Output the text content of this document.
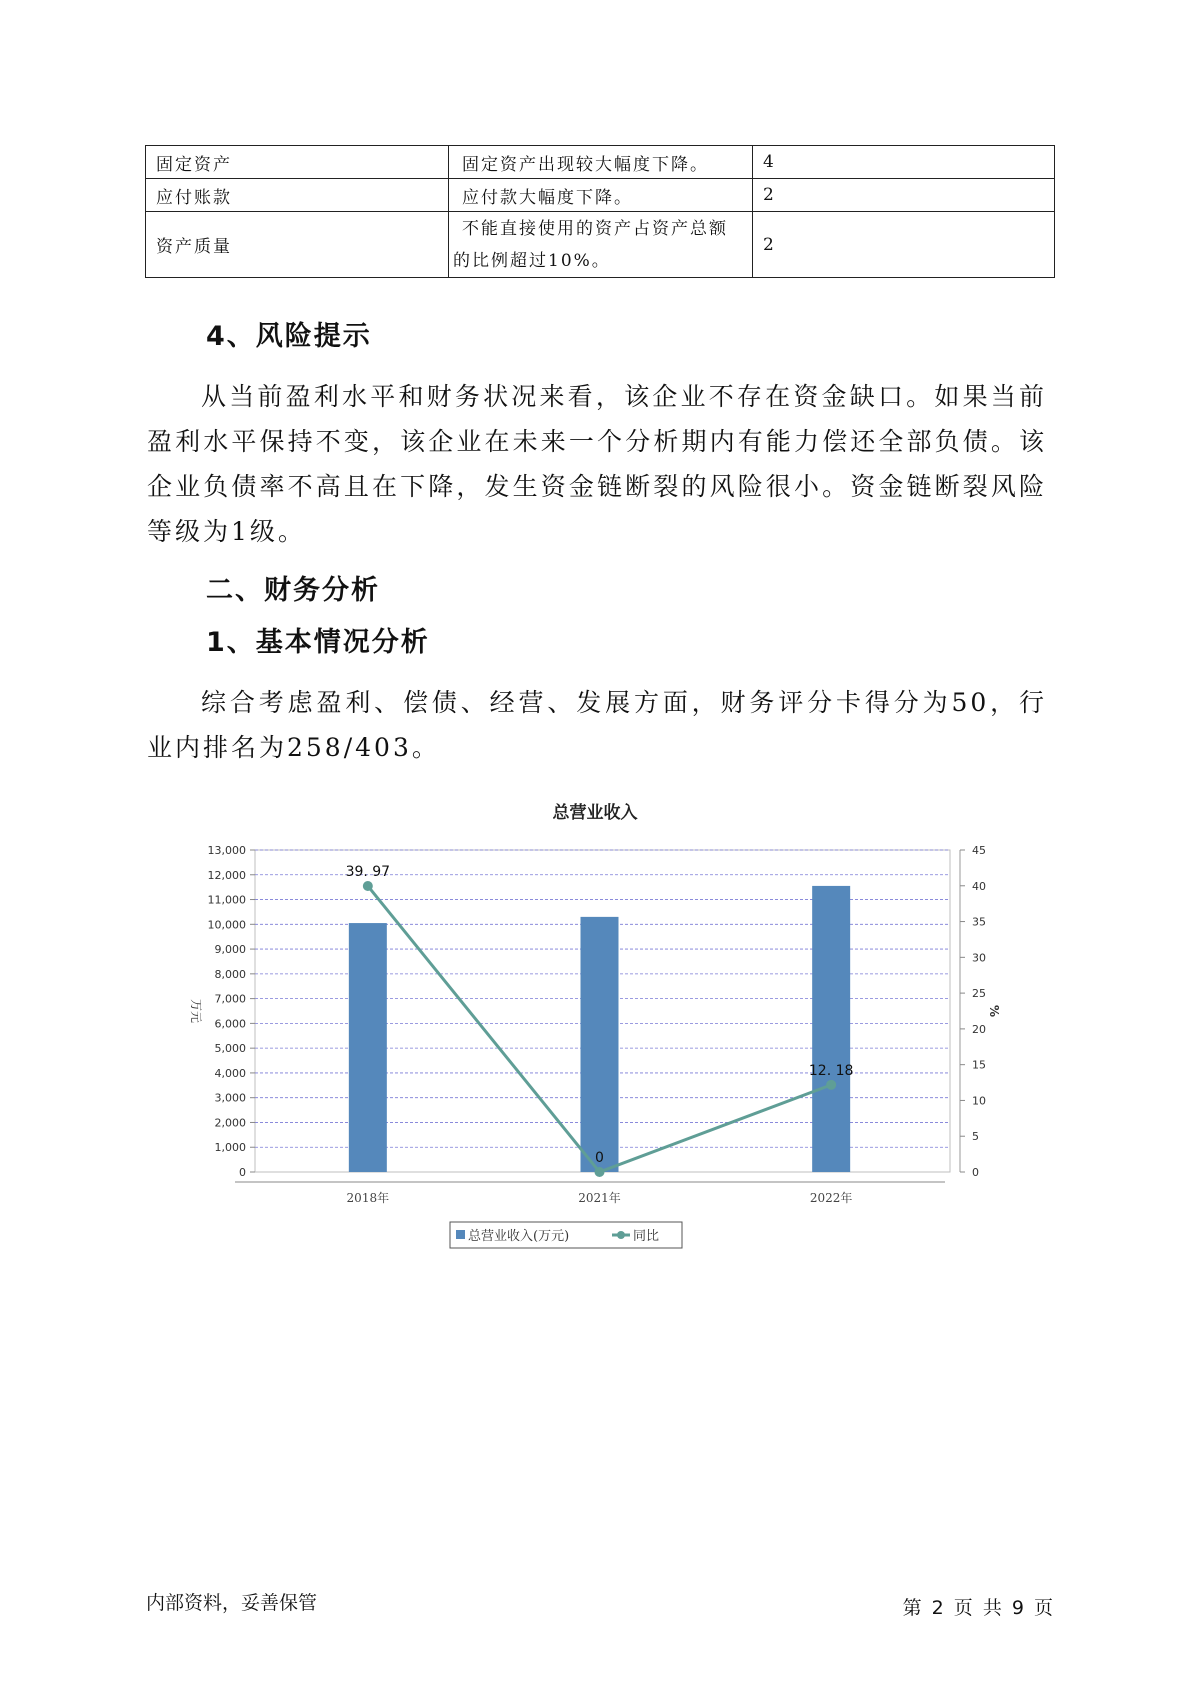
固定资产	固定资产出现较大幅度下降。	4
应付账款	应付款大幅度下降。	2
资产质量	不能直接使用的资产占资产总额
的比例超过10%。	2
4、风险提示
从当前盈利水平和财务状况来看，该企业不存在资金缺口。如果当前盈利水平保持不变，该企业在未来一个分析期内有能力偿还全部负债。该企业负债率不高且在下降，发生资金链断裂的风险很小。资金链断裂风险等级为1级。
二、财务分析
1、基本情况分析
综合考虑盈利、偿债、经营、发展方面，财务评分卡得分为50，行业内排名为258/403。
总营业收入
0
1,000
2,000
3,000
4,000
5,000
6,000
7,000
8,000
9,000
10,000
11,000
12,000
13,000
0
5
10
15
20
25
30
35
40
45
万元	%
2018年	2021年	2022年
39. 97
0
12. 18
总营业收入(万元)	同比
内部资料，妥善保管	第 2 页 共 9 页
